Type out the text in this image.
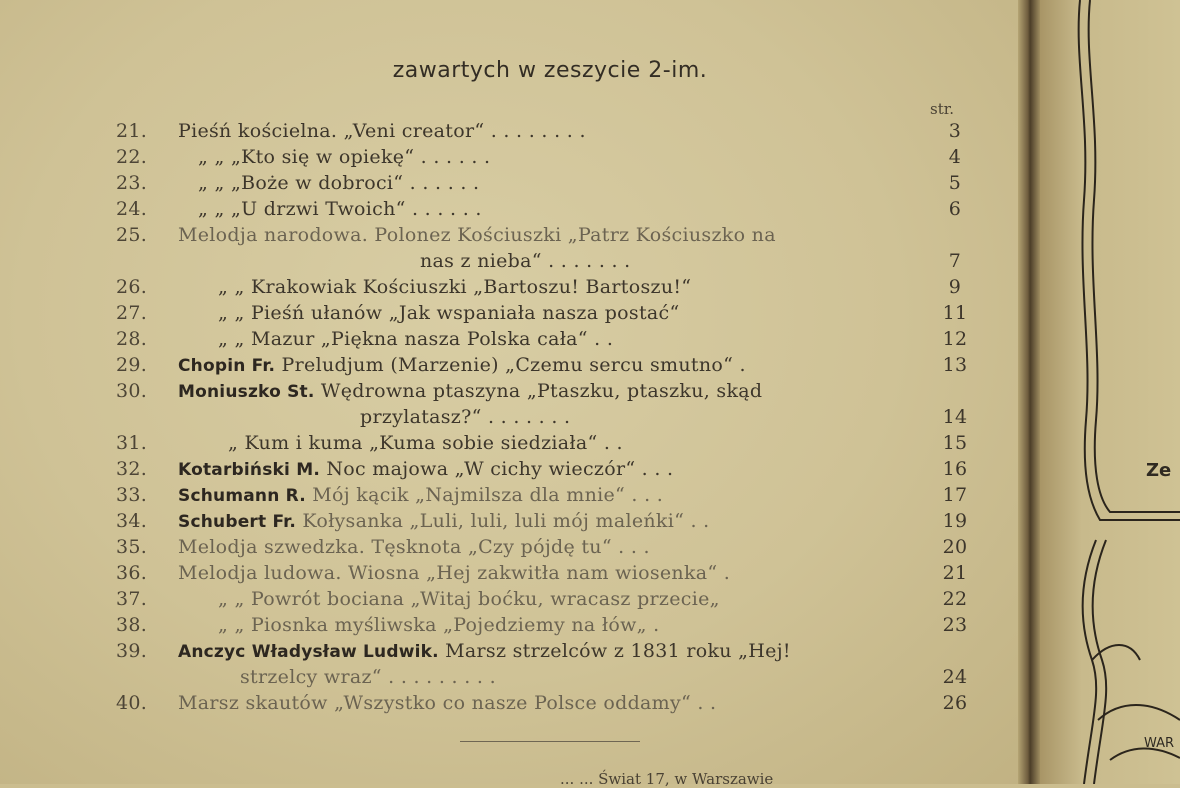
zawartych w zeszycie 2-im.
str.
21.	Pieśń kościelna. „Veni creator“ . . . . . . . .	3
22.	„ „ „Kto się w opiekę“ . . . . . .	4
23.	„ „ „Boże w dobroci“ . . . . . .	5
24.	„ „ „U drzwi Twoich“ . . . . . .	6
25.	Melodja narodowa. Polonez Kościuszki „Patrz Kościuszko na
nas z nieba“ . . . . . . .	7
26.	„ „ Krakowiak Kościuszki „Bartoszu! Bartoszu!“	9
27.	„ „ Pieśń ułanów „Jak wspaniała nasza postać“	11
28.	„ „ Mazur „Piękna nasza Polska cała“ . .	12
29.	Chopin Fr. Preludjum (Marzenie) „Czemu sercu smutno“ .	13
30.	Moniuszko St. Wędrowna ptaszyna „Ptaszku, ptaszku, skąd
przylatasz?“ . . . . . . .	14
31.	„ Kum i kuma „Kuma sobie siedziała“ . .	15
32.	Kotarbiński M. Noc majowa „W cichy wieczór“ . . .	16
33.	Schumann R. Mój kącik „Najmilsza dla mnie“ . . .	17
34.	Schubert Fr. Kołysanka „Luli, luli, luli mój maleńki“ . .	19
35.	Melodja szwedzka. Tęsknota „Czy pójdę tu“ . . .	20
36.	Melodja ludowa. Wiosna „Hej zakwitła nam wiosenka“ .	21
37.	„ „ Powrót bociana „Witaj boćku, wracasz przecie„	22
38.	„ „ Piosnka myśliwska „Pojedziemy na łów„ .	23
39.	Anczyc Władysław Ludwik. Marsz strzelców z 1831 roku „Hej!
strzelcy wraz“ . . . . . . . . .	24
40.	Marsz skautów „Wszystko co nasze Polsce oddamy“ . .	26
... ... Świat 17, w Warszawie
Ze
WAR
